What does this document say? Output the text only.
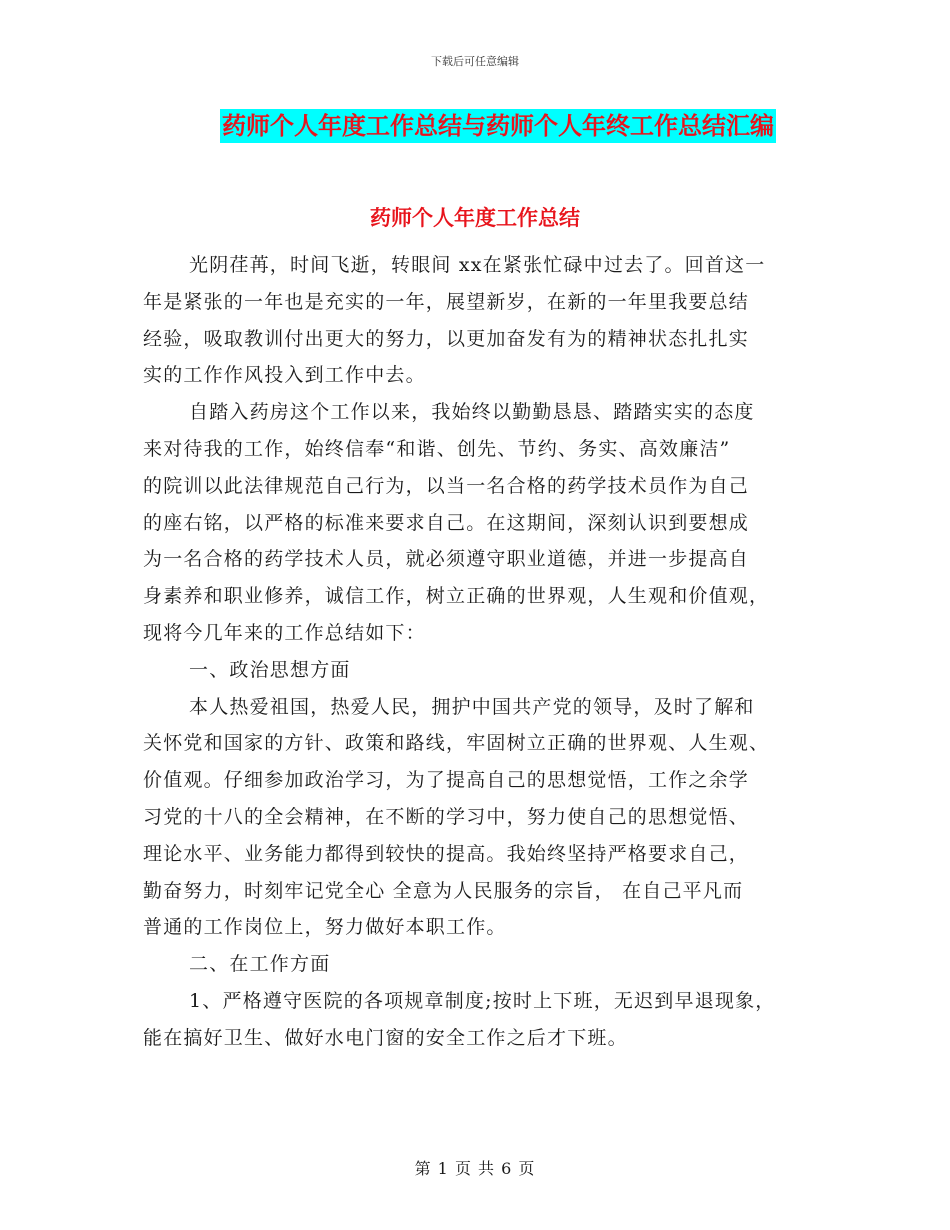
下载后可任意编辑
药师个人年度工作总结与药师个人年终工作总结汇编
药师个人年度工作总结
光阴荏苒，时间飞逝，转眼间 xx在紧张忙碌中过去了。回首这一
年是紧张的一年也是充实的一年，展望新岁，在新的一年里我要总结
经验，吸取教训付出更大的努力，以更加奋发有为的精神状态扎扎实
实的工作作风投入到工作中去。
自踏入药房这个工作以来，我始终以勤勤恳恳、踏踏实实的态度
来对待我的工作，始终信奉“和谐、创先、节约、务实、高效廉洁”
的院训以此法律规范自己行为，以当一名合格的药学技术员作为自己
的座右铭，以严格的标准来要求自己。在这期间，深刻认识到要想成
为一名合格的药学技术人员，就必须遵守职业道德，并进一步提高自
身素养和职业修养，诚信工作，树立正确的世界观，人生观和价值观，
现将今几年来的工作总结如下：
一、政治思想方面
本人热爱祖国，热爱人民，拥护中国共产党的领导，及时了解和
关怀党和国家的方针、政策和路线，牢固树立正确的世界观、人生观、
价值观。仔细参加政治学习，为了提高自己的思想觉悟，工作之余学
习党的十八的全会精神，在不断的学习中，努力使自己的思想觉悟、
理论水平、业务能力都得到较快的提高。我始终坚持严格要求自己，
勤奋努力，时刻牢记党全心 全意为人民服务的宗旨， 在自己平凡而
普通的工作岗位上，努力做好本职工作。
二、在工作方面
1、严格遵守医院的各项规章制度;按时上下班，无迟到早退现象，
能在搞好卫生、做好水电门窗的安全工作之后才下班。
第 1 页 共 6 页
